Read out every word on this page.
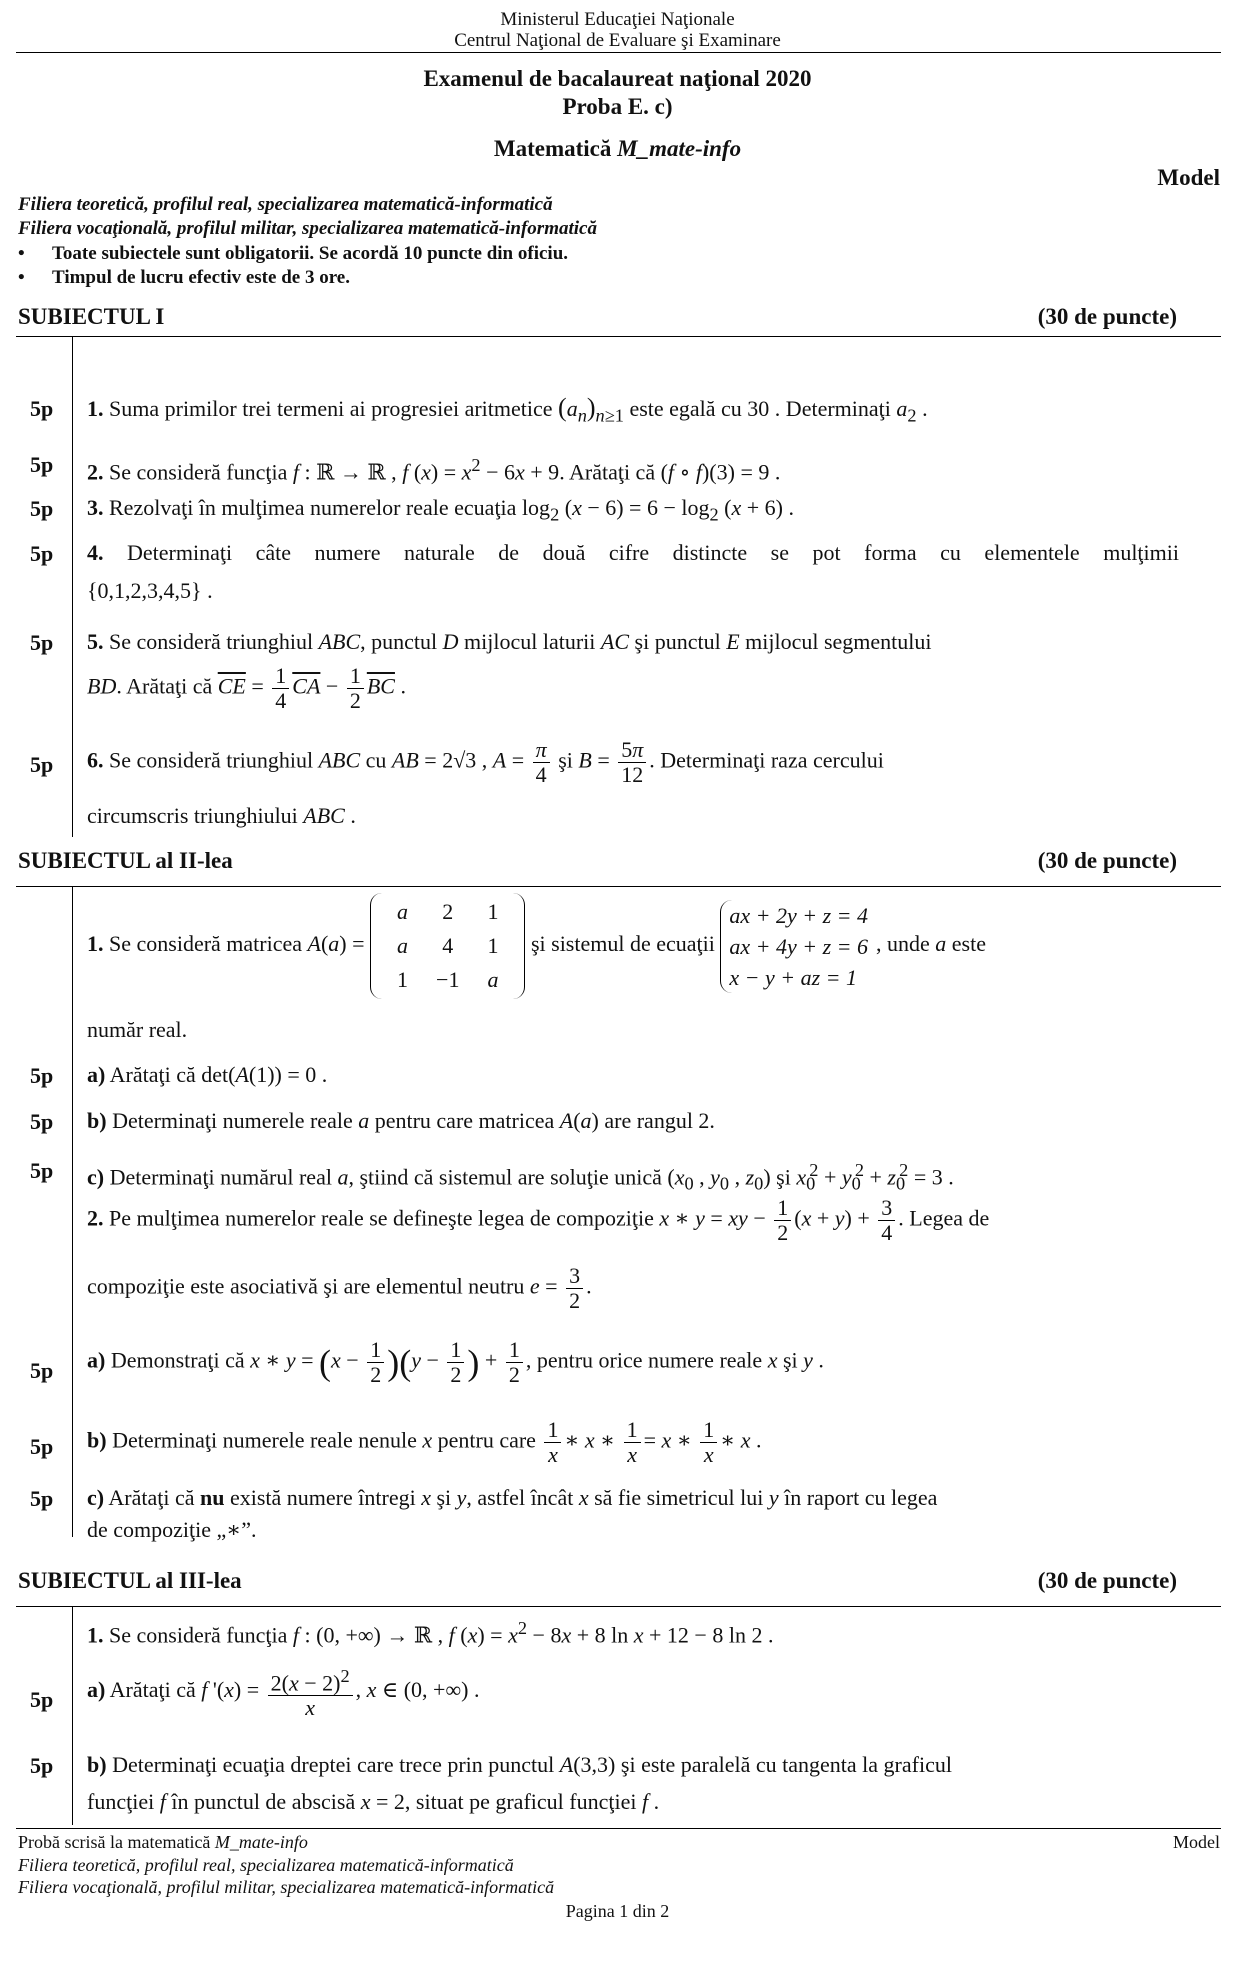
Ministerul Educaţiei Naţionale
Centrul Naţional de Evaluare şi Examinare
Examenul de bacalaureat naţional 2020
Proba E. c)
Matematică M_mate-info
Model
Filiera teoretică, profilul real, specializarea matematică-informatică
Filiera vocaţională, profilul militar, specializarea matematică-informatică
• Toate subiectele sunt obligatorii. Se acordă 10 puncte din oficiu.
• Timpul de lucru efectiv este de 3 ore.
SUBIECTUL I	(30 de puncte)
5p 1. Suma primilor trei termeni ai progresiei aritmetice $(a_n)_{n\ge 1}$ este egală cu 30 . Determinaţi $a_2$ .
5p 2. Se consideră funcţia f : ℝ → ℝ , f $(x) = x^2 - 6x + 9$. Arătaţi că (f ∘ f)(3) = 9 .
5p 3. Rezolvaţi în mulţimea numerelor reale ecuaţia $\log_2 (x - 6) = 6 - \log_2 (x + 6)$ .
5p 4. Determinaţi câte numere naturale de două cifre distincte se pot forma cu elementele mulţimii
{0,1,2,3,4,5} .
5p 5. Se consideră triunghiul ABC, punctul D mijlocul laturii AC şi punctul E mijlocul segmentului
BD. Arătaţi că $\overline{CE} = \frac{1}{4} \overline{CA} - \frac{1}{2} \overline{BC}$ .
5p 6. Se consideră triunghiul ABC cu AB = 2√3 , $A = \frac{\pi}{4}$ şi $B = \frac{5\pi}{12}$ . Determinaţi raza cercului
circumscris triunghiului ABC .
SUBIECTUL al II-lea	(30 de puncte)
1. Se consideră matricea A(a) =
a	2	1
a	4	1
1	−1	a
şi sistemul de ecuaţii
ax + 2y + z = 4
ax + 4y + z = 6
x − y + az = 1
, unde a este
număr real.
5p a) Arătaţi că det(A(1)) = 0 .
5p b) Determinaţi numerele reale a pentru care matricea A(a) are rangul 2.
5p c) Determinaţi numărul real a, ştiind că sistemul are soluţie unică ($x_0$ , $y_0$ , $z_0$) şi $x_0^2 + y_0^2 + z_0^2 = 3$ .
2. Pe mulţimea numerelor reale se defineşte legea de compoziţie x ∗ y = xy − $\frac{1}{2} (x + y) + \frac{3}{4}$ . Legea de
compoziţie este asociativă şi are elementul neutru $e = \frac{3}{2}$ .
5p a) Demonstraţi că x ∗ $y = (x - \frac{1}{2} )(y - \frac{1}{2}$ ) + $\frac{1}{2}$ , pentru orice numere reale x şi y .
5p b) Determinaţi numerele reale nenule x pentru care $\frac{1}{x}$ ∗ x ∗ $\frac{1}{x} = x$ ∗ $\frac{1}{x}$ ∗ x .
5p c) Arătaţi că nu există numere întregi x şi y, astfel încât x să fie simetricul lui y în raport cu legea
de compoziţie „∗”.
SUBIECTUL al III-lea	(30 de puncte)
1. Se consideră funcţia f : (0, +∞) → ℝ , f $(x) = x^2 - 8x + 8$ ln x + 12 − 8 ln 2 .
5p a) Arătaţi că f '$(x) = \frac{2(x - 2)^2}{x}$ , x ∈ (0, +∞) .
5p b) Determinaţi ecuaţia dreptei care trece prin punctul A(3,3) şi este paralelă cu tangenta la graficul
funcţiei f în punctul de abscisă x = 2, situat pe graficul funcţiei f .
Probă scrisă la matematică M_mate-info	Model
Filiera teoretică, profilul real, specializarea matematică-informatică
Filiera vocaţională, profilul militar, specializarea matematică-informatică
Pagina 1 din 2
